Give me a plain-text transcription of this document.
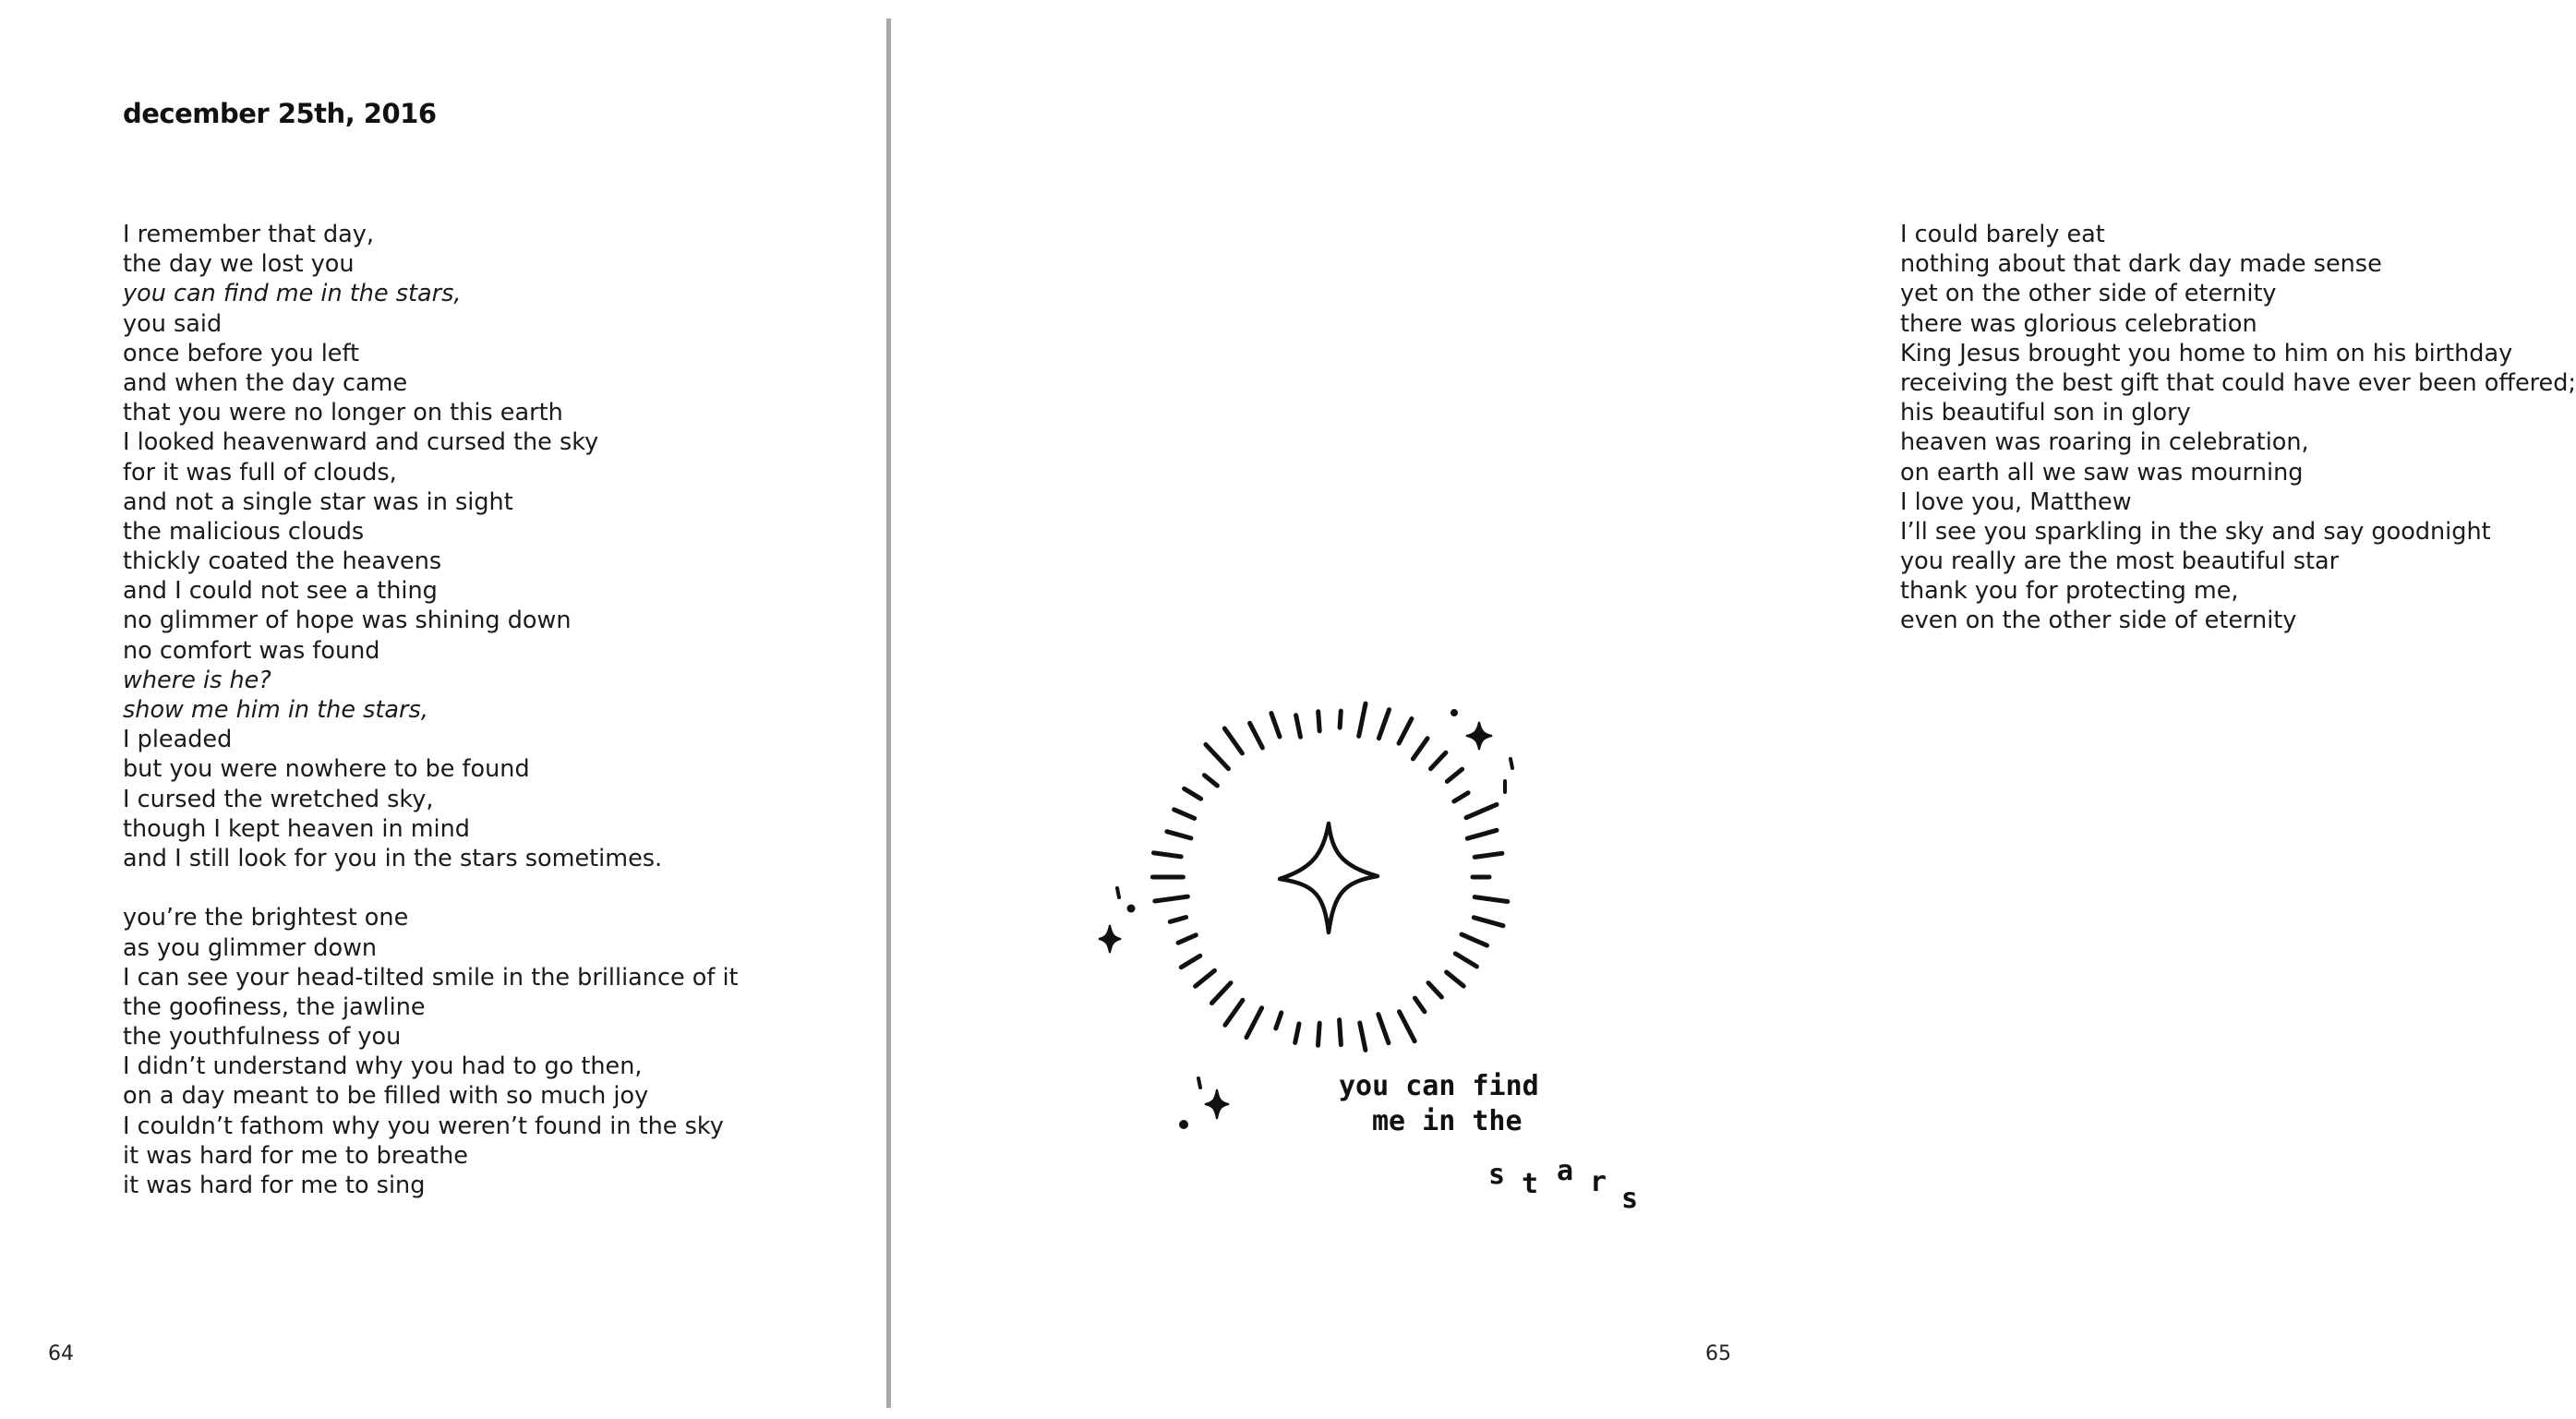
december 25th, 2016
I remember that day,
the day we lost you
you can find me in the stars,
you said
once before you left
and when the day came
that you were no longer on this earth
I looked heavenward and cursed the sky
for it was full of clouds,
and not a single star was in sight
the malicious clouds
thickly coated the heavens
and I could not see a thing
no glimmer of hope was shining down
no comfort was found
where is he?
show me him in the stars,
I pleaded
but you were nowhere to be found
I cursed the wretched sky,
though I kept heaven in mind
and I still look for you in the stars sometimes.
you’re the brightest one
as you glimmer down
I can see your head-tilted smile in the brilliance of it
the goofiness, the jawline
the youthfulness of you
I didn’t understand why you had to go then,
on a day meant to be filled with so much joy
I couldn’t fathom why you weren’t found in the sky
it was hard for me to breathe
it was hard for me to sing
64
I could barely eat
nothing about that dark day made sense
yet on the other side of eternity
there was glorious celebration
King Jesus brought you home to him on his birthday
receiving the best gift that could have ever been offered;
his beautiful son in glory
heaven was roaring in celebration,
on earth all we saw was mourning
I love you, Matthew
I’ll see you sparkling in the sky and say goodnight
you really are the most beautiful star
thank you for protecting me,
even on the other side of eternity
65
you can find
me in the
s t a r
s
